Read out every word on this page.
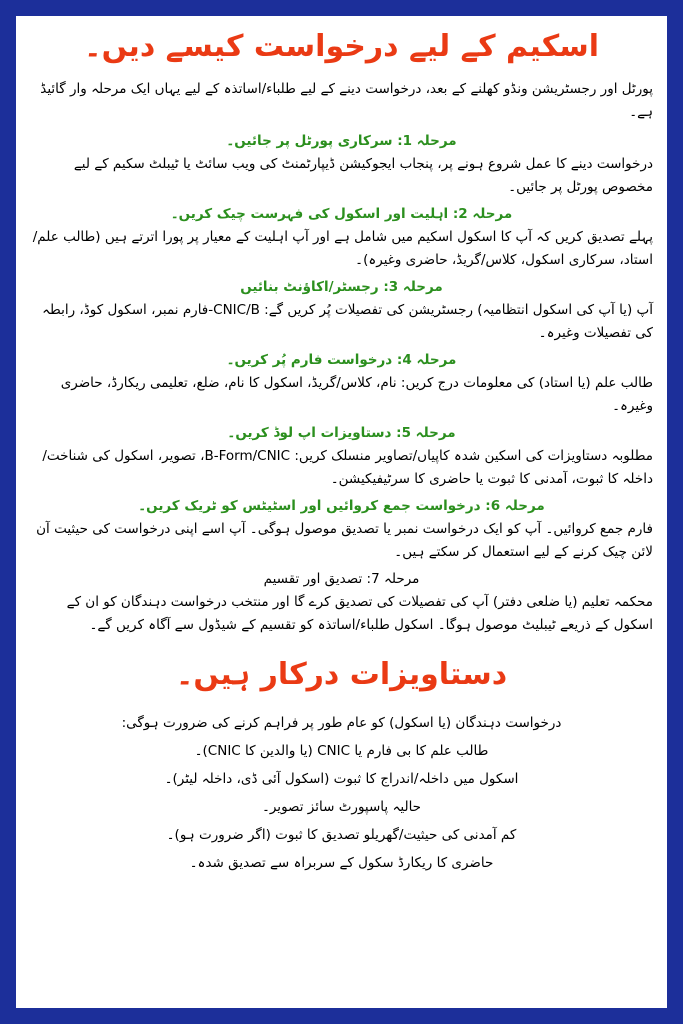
اسکیم کے لیے درخواست کیسے دیں۔

پورٹل اور رجسٹریشن ونڈو کھلنے کے بعد، درخواست دینے کے لیے طلباء/اساتذہ کے لیے یہاں ایک مرحلہ وار گائیڈ ہے۔

مرحلہ 1: سرکاری پورٹل پر جائیں۔

درخواست دینے کا عمل شروع ہونے پر، پنجاب ایجوکیشن ڈیپارٹمنٹ کی ویب سائٹ یا ٹیبلٹ سکیم کے لیے مخصوص پورٹل پر جائیں۔

مرحلہ 2: اہلیت اور اسکول کی فہرست چیک کریں۔

پہلے تصدیق کریں کہ آپ کا اسکول اسکیم میں شامل ہے اور آپ اہلیت کے معیار پر پورا اترتے ہیں (طالب علم/استاد، سرکاری اسکول، کلاس/گریڈ، حاضری وغیرہ)۔

مرحلہ 3: رجسٹر/اکاؤنٹ بنائیں

آپ (یا آپ کی اسکول انتظامیہ) رجسٹریشن کی تفصیلات پُر کریں گے: CNIC/B-فارم نمبر، اسکول کوڈ، رابطہ کی تفصیلات وغیرہ۔

مرحلہ 4: درخواست فارم پُر کریں۔

طالب علم (یا استاد) کی معلومات درج کریں: نام، کلاس/گریڈ، اسکول کا نام، ضلع، تعلیمی ریکارڈ، حاضری وغیرہ۔

مرحلہ 5: دستاویزات اپ لوڈ کریں۔

مطلوبہ دستاویزات کی اسکین شدہ کاپیاں/تصاویر منسلک کریں: B-Form/CNIC، تصویر، اسکول کی شناخت/داخلہ کا ثبوت، آمدنی کا ثبوت یا حاضری کا سرٹیفیکیشن۔

مرحلہ 6: درخواست جمع کروائیں اور اسٹیٹس کو ٹریک کریں۔

فارم جمع کروائیں۔ آپ کو ایک درخواست نمبر یا تصدیق موصول ہوگی۔ آپ اسے اپنی درخواست کی حیثیت آن لائن چیک کرنے کے لیے استعمال کر سکتے ہیں۔

مرحلہ 7: تصدیق اور تقسیم

محکمہ تعلیم (یا ضلعی دفتر) آپ کی تفصیلات کی تصدیق کرے گا اور منتخب درخواست دہندگان کو ان کے اسکول کے ذریعے ٹیبلیٹ موصول ہوگا۔ اسکول طلباء/اساتذہ کو تقسیم کے شیڈول سے آگاہ کریں گے۔

دستاویزات درکار ہیں۔

درخواست دہندگان (یا اسکول) کو عام طور پر فراہم کرنے کی ضرورت ہوگی:

طالب علم کا بی فارم یا CNIC (یا والدین کا CNIC)۔

اسکول میں داخلہ/اندراج کا ثبوت (اسکول آئی ڈی، داخلہ لیٹر)۔

حالیہ پاسپورٹ سائز تصویر۔

کم آمدنی کی حیثیت/گھریلو تصدیق کا ثبوت (اگر ضرورت ہو)۔

حاضری کا ریکارڈ سکول کے سربراہ سے تصدیق شدہ۔
